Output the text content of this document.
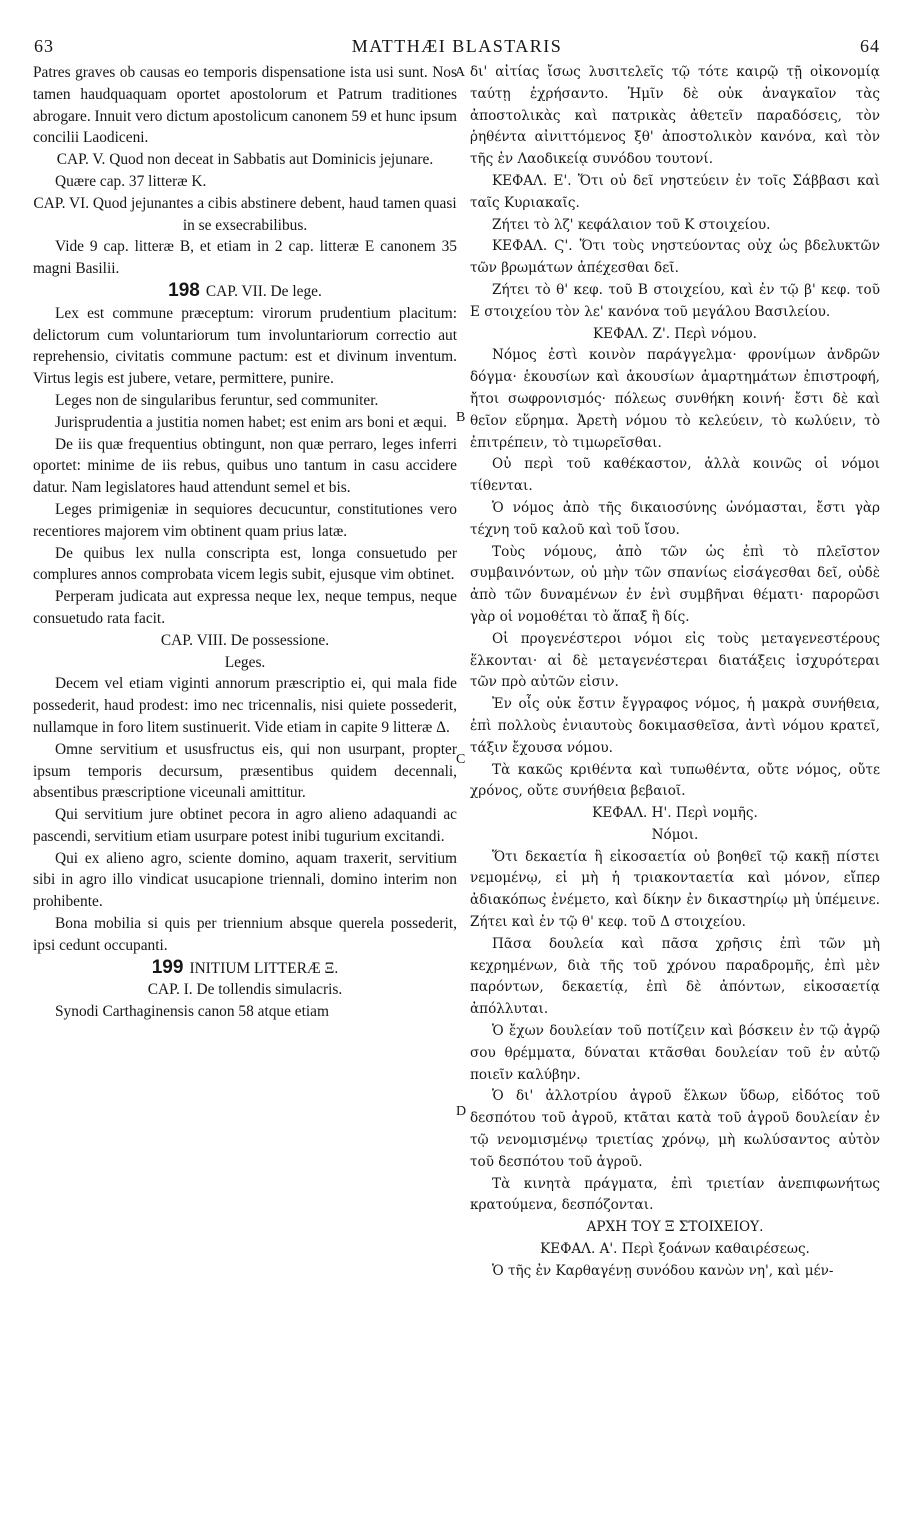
63	MATTHÆI BLASTARIS	64
A
B
C
D

Patres graves ob causas eo temporis dispensatione ista usi sunt. Nos tamen haudquaquam oportet apostolorum et Patrum traditiones abrogare. Innuit vero dictum apostolicum canonem 59 et hunc ipsum concilii Laodiceni.

CAP. V. Quod non deceat in Sabbatis aut Dominicis jejunare.

Quære cap. 37 litteræ K.

CAP. VI. Quod jejunantes a cibis abstinere debent, haud tamen quasi in se exsecrabilibus.

Vide 9 cap. litteræ B, et etiam in 2 cap. litteræ E canonem 35 magni Basilii.

198 CAP. VII. De lege.

Lex est commune præceptum: virorum prudentium placitum: delictorum cum voluntariorum tum involuntariorum correctio aut reprehensio, civitatis commune pactum: est et divinum inventum. Virtus legis est jubere, vetare, permittere, punire.

Leges non de singularibus feruntur, sed communiter.

Jurisprudentia a justitia nomen habet; est enim ars boni et æqui.

De iis quæ frequentius obtingunt, non quæ perraro, leges inferri oportet: minime de iis rebus, quibus uno tantum in casu accidere datur. Nam legislatores haud attendunt semel et bis.

Leges primigeniæ in sequiores decucuntur, constitutiones vero recentiores majorem vim obtinent quam prius latæ.

De quibus lex nulla conscripta est, longa consuetudo per complures annos comprobata vicem legis subit, ejusque vim obtinet.

Perperam judicata aut expressa neque lex, neque tempus, neque consuetudo rata facit.

CAP. VIII. De possessione.

Leges.

Decem vel etiam viginti annorum præscriptio ei, qui mala fide possederit, haud prodest: imo nec tricennalis, nisi quiete possederit, nullamque in foro litem sustinuerit. Vide etiam in capite 9 litteræ Δ.

Omne servitium et ususfructus eis, qui non usurpant, propter ipsum temporis decursum, præsentibus quidem decennali, absentibus præscriptione viceunali amittitur.

Qui servitium jure obtinet pecora in agro alieno adaquandi ac pascendi, servitium etiam usurpare potest inibi tugurium excitandi.

Qui ex alieno agro, sciente domino, aquam traxerit, servitium sibi in agro illo vindicat usucapione triennali, domino interim non prohibente.

Bona mobilia si quis per triennium absque querela possederit, ipsi cedunt occupanti.

199 INITIUM LITTERÆ Ξ.

CAP. I. De tollendis simulacris.

Synodi Carthaginensis canon 58 atque etiam

δι' αἰτίας ἴσως λυσιτελεῖς τῷ τότε καιρῷ τῇ οἰκονομίᾳ ταύτῃ ἐχρήσαντο. Ἡμῖν δὲ οὐκ ἀναγκαῖον τὰς ἀποστολικὰς καὶ πατρικὰς ἀθετεῖν παραδόσεις, τὸν ῥηθέντα αἰνιττόμενος ξθ' ἀποστολικὸν κανόνα, καὶ τὸν τῆς ἐν Λαοδικείᾳ συνόδου τουτονί.

ΚΕΦΑΛ. Ε'. Ὅτι οὐ δεῖ νηστεύειν ἐν τοῖς Σάββασι καὶ ταῖς Κυριακαῖς.

Ζήτει τὸ λζ' κεφάλαιον τοῦ Κ στοιχείου.

ΚΕΦΑΛ. Ϛ'. Ὅτι τοὺς νηστεύοντας οὐχ ὡς βδελυκτῶν τῶν βρωμάτων ἀπέχεσθαι δεῖ.

Ζήτει τὸ θ' κεφ. τοῦ Β στοιχείου, καὶ ἐν τῷ β' κεφ. τοῦ Ε στοιχείου τὸν λε' κανόνα τοῦ μεγάλου Βασιλείου.

ΚΕΦΑΛ. Ζ'. Περὶ νόμου.

Νόμος ἐστὶ κοινὸν παράγγελμα· φρονίμων ἀνδρῶν δόγμα· ἑκουσίων καὶ ἀκουσίων ἁμαρτημάτων ἐπιστροφή, ἤτοι σωφρονισμός· πόλεως συνθήκη κοινή· ἔστι δὲ καὶ θεῖον εὕρημα. Ἀρετὴ νόμου τὸ κελεύειν, τὸ κωλύειν, τὸ ἐπιτρέπειν, τὸ τιμωρεῖσθαι.

Οὐ περὶ τοῦ καθέκαστον, ἀλλὰ κοινῶς οἱ νόμοι τίθενται.

Ὁ νόμος ἀπὸ τῆς δικαιοσύνης ὠνόμασται, ἔστι γὰρ τέχνη τοῦ καλοῦ καὶ τοῦ ἴσου.

Τοὺς νόμους, ἀπὸ τῶν ὡς ἐπὶ τὸ πλεῖστον συμβαινόντων, οὐ μὴν τῶν σπανίως εἰσάγεσθαι δεῖ, οὐδὲ ἀπὸ τῶν δυναμένων ἐν ἑνὶ συμβῆναι θέματι· παρορῶσι γὰρ οἱ νομοθέται τὸ ἅπαξ ἢ δίς.

Οἱ προγενέστεροι νόμοι εἰς τοὺς μεταγενεστέρους ἕλκονται· αἱ δὲ μεταγενέστεραι διατάξεις ἰσχυρότεραι τῶν πρὸ αὐτῶν εἰσιν.

Ἐν οἷς οὐκ ἔστιν ἔγγραφος νόμος, ἡ μακρὰ συνήθεια, ἐπὶ πολλοὺς ἐνιαυτοὺς δοκιμασθεῖσα, ἀντὶ νόμου κρατεῖ, τάξιν ἔχουσα νόμου.

Τὰ κακῶς κριθέντα καὶ τυπωθέντα, οὔτε νόμος, οὔτε χρόνος, οὔτε συνήθεια βεβαιοῖ.

ΚΕΦΑΛ. Η'. Περὶ νομῆς.

Νόμοι.

Ὅτι δεκαετία ἢ εἰκοσαετία οὐ βοηθεῖ τῷ κακῇ πίστει νεμομένῳ, εἰ μὴ ἡ τριακονταετία καὶ μόνον, εἴπερ ἀδιακόπως ἐνέμετο, καὶ δίκην ἐν δικαστηρίῳ μὴ ὑπέμεινε. Ζήτει καὶ ἐν τῷ θ' κεφ. τοῦ Δ στοιχείου.

Πᾶσα δουλεία καὶ πᾶσα χρῆσις ἐπὶ τῶν μὴ κεχρημένων, διὰ τῆς τοῦ χρόνου παραδρομῆς, ἐπὶ μὲν παρόντων, δεκαετίᾳ, ἐπὶ δὲ ἀπόντων, εἰκοσαετίᾳ ἀπόλλυται.

Ὁ ἔχων δουλείαν τοῦ ποτίζειν καὶ βόσκειν ἐν τῷ ἀγρῷ σου θρέμματα, δύναται κτᾶσθαι δουλείαν τοῦ ἐν αὐτῷ ποιεῖν καλύβην.

Ὁ δι' ἀλλοτρίου ἀγροῦ ἕλκων ὕδωρ, εἰδότος τοῦ δεσπότου τοῦ ἀγροῦ, κτᾶται κατὰ τοῦ ἀγροῦ δουλείαν ἐν τῷ νενομισμένῳ τριετίας χρόνῳ, μὴ κωλύσαντος αὐτὸν τοῦ δεσπότου τοῦ ἀγροῦ.

Τὰ κινητὰ πράγματα, ἐπὶ τριετίαν ἀνεπιφωνήτως κρατούμενα, δεσπόζονται.

ΑΡΧΗ ΤΟΥ Ξ ΣΤΟΙΧΕΙΟΥ.

ΚΕΦΑΛ. Α'. Περὶ ξοάνων καθαιρέσεως.

Ὁ τῆς ἐν Καρθαγένῃ συνόδου κανὼν νη', καὶ μέν-
